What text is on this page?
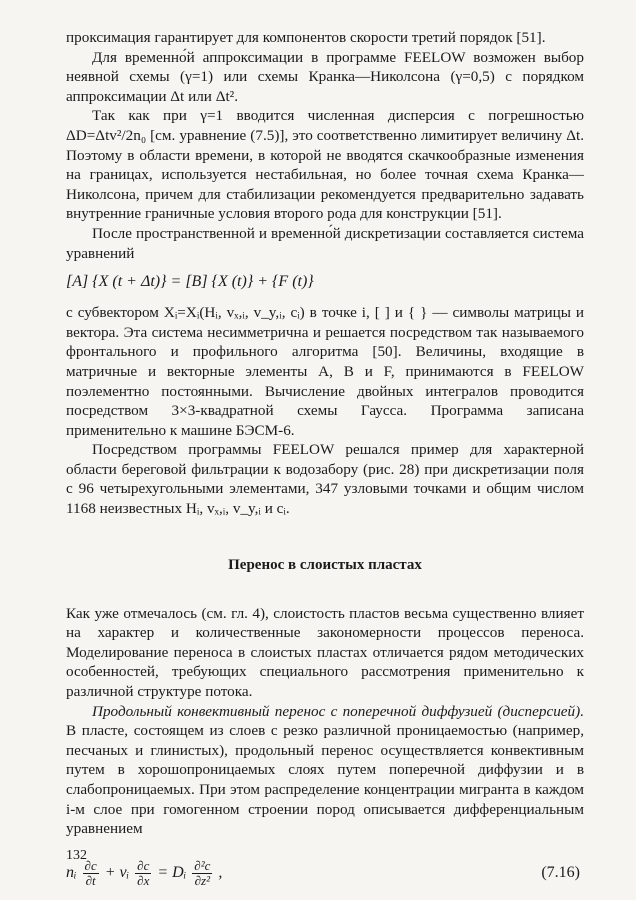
проксимация гарантирует для компонентов скорости третий порядок [51].

Для временно́й аппроксимации в программе FEELOW возможен выбор неявной схемы (γ=1) или схемы Кранка—Николсона (γ=0,5) с порядком аппроксимации Δt или Δt².

Так как при γ=1 вводится численная дисперсия с погрешностью ΔD=Δtv²/2n₀ [см. уравнение (7.5)], это соответственно лимитирует величину Δt. Поэтому в области времени, в которой не вводятся скачкообразные изменения на границах, используется нестабильная, но более точная схема Кранка—Николсона, причем для стабилизации рекомендуется предварительно задавать внутренние граничные условия второго рода для конструкции [51].

После пространственной и временно́й дискретизации составляется система уравнений

[A] {X (t + Δt)} = [B] {X (t)} + {F (t)}

с субвектором Xᵢ=Xᵢ(Hᵢ, vₓ,ᵢ, v_y,ᵢ, cᵢ) в точке i, [ ] и { } — символы матрицы и вектора. Эта система несимметрична и решается посредством так называемого фронтального и профильного алгоритма [50]. Величины, входящие в матричные и векторные элементы A, B и F, принимаются в FEELOW поэлементно постоянными. Вычисление двойных интегралов проводится посредством 3×3-квадратной схемы Гаусса. Программа записана применительно к машине БЭСМ-6.

Посредством программы FEELOW решался пример для характерной области береговой фильтрации к водозабору (рис. 28) при дискретизации поля с 96 четырехугольными элементами, 347 узловыми точками и общим числом 1168 неизвестных Hᵢ, vₓ,ᵢ, v_y,ᵢ и cᵢ.

Перенос в слоистых пластах

Как уже отмечалось (см. гл. 4), слоистость пластов весьма существенно влияет на характер и количественные закономерности процессов переноса. Моделирование переноса в слоистых пластах отличается рядом методических особенностей, требующих специального рассмотрения применительно к различной структуре потока.

Продольный конвективный перенос с поперечной диффузией (дисперсией). В пласте, состоящем из слоев с резко различной проницаемостью (например, песчаных и глинистых), продольный перенос осуществляется конвективным путем в хорошопроницаемых слоях путем поперечной диффузии и в слабопроницаемых. При этом распределение концентрации мигранта в каждом i-м слое при гомогенном строении пород описывается дифференциальным уравнением

nᵢ $\frac{\partial c}{\partial t}$ + vᵢ $\frac{\partial c}{\partial x}$ = Dᵢ $\frac{\text{∂²c}}{\text{∂z²}}$ ,	(7.16)
132
